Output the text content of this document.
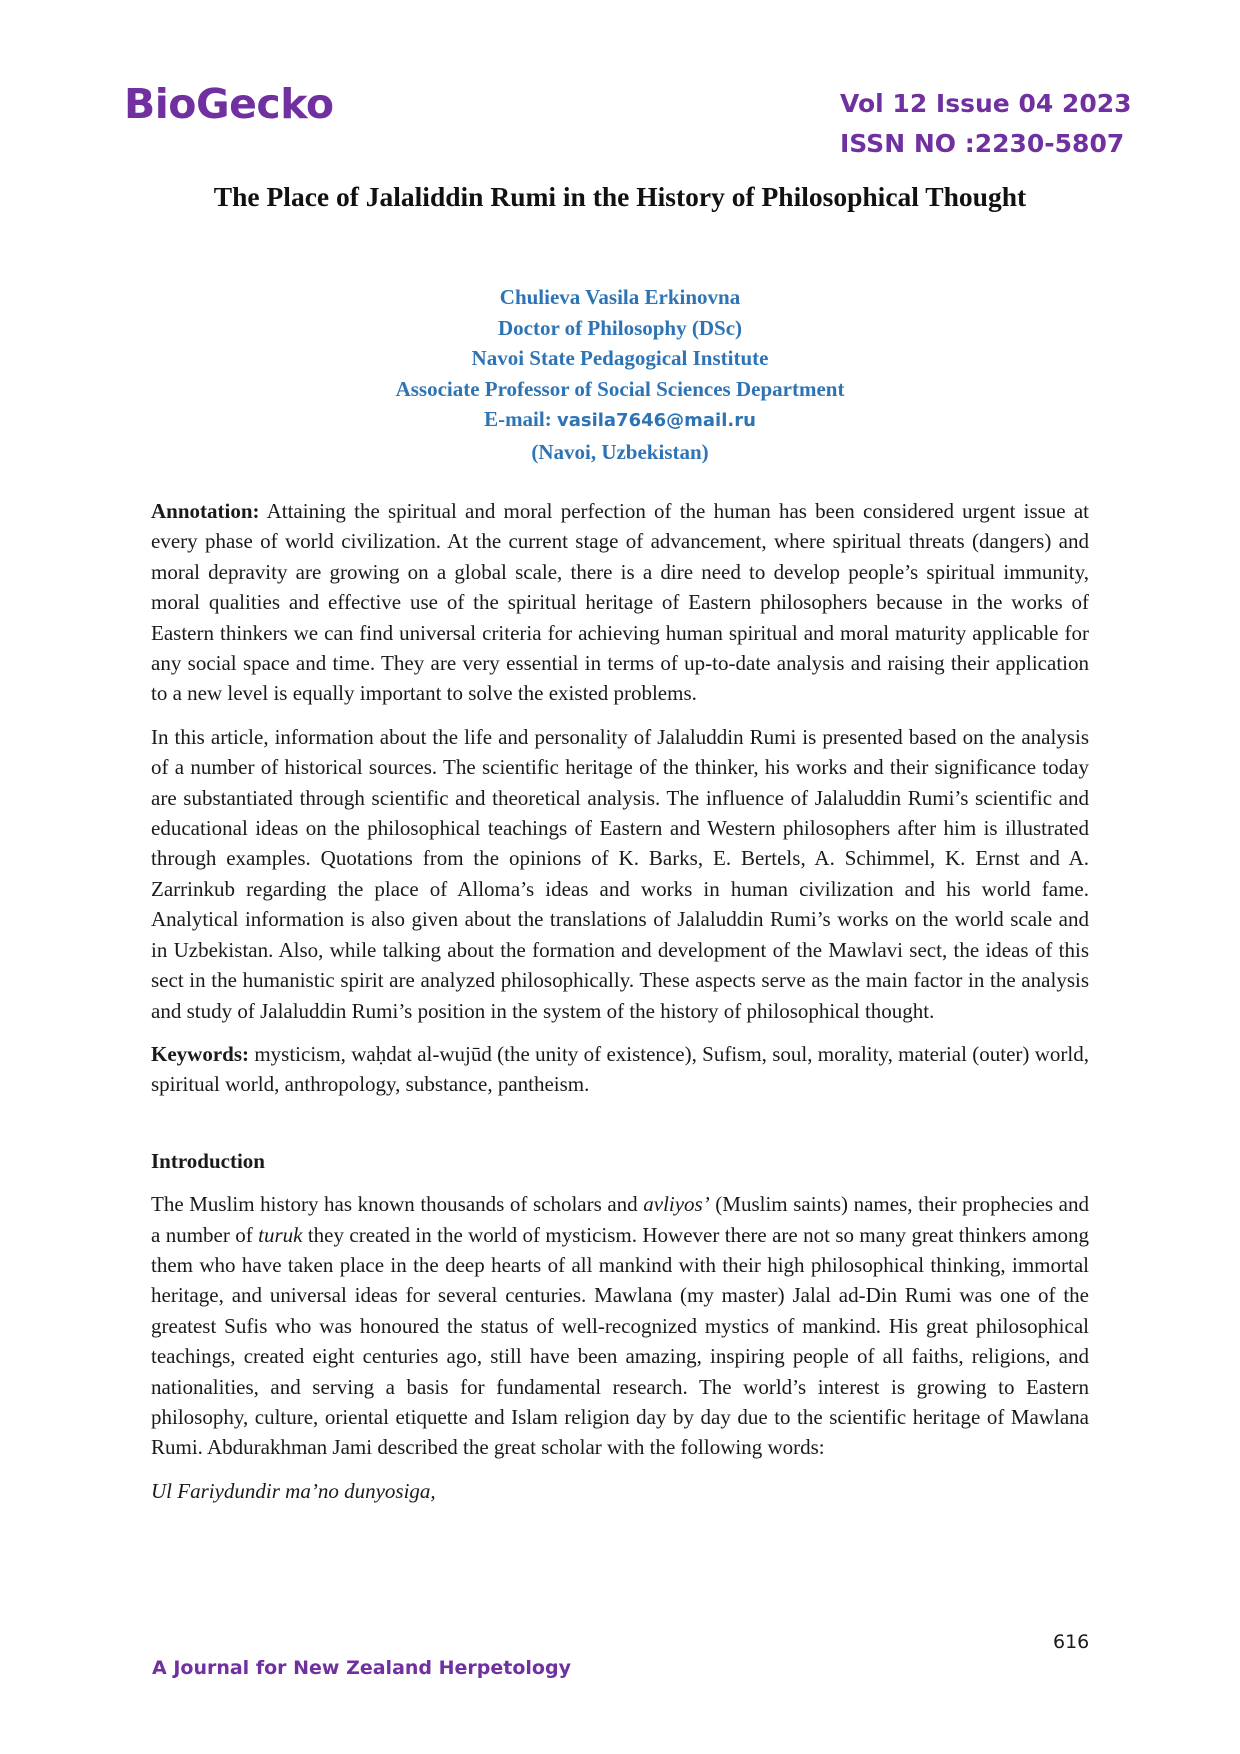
BioGecko	Vol 12 Issue 04 2023
ISSN NO :2230-5807
The Place of Jalaliddin Rumi in the History of Philosophical Thought
Chulieva Vasila Erkinovna
Doctor of Philosophy (DSc)
Navoi State Pedagogical Institute
Associate Professor of Social Sciences Department
E-mail: vasila7646@mail.ru
(Navoi, Uzbekistan)

Annotation: Attaining the spiritual and moral perfection of the human has been considered urgent issue at every phase of world civilization. At the current stage of advancement, where spiritual threats (dangers) and moral depravity are growing on a global scale, there is a dire need to develop people’s spiritual immunity, moral qualities and effective use of the spiritual heritage of Eastern philosophers because in the works of Eastern thinkers we can find universal criteria for achieving human spiritual and moral maturity applicable for any social space and time. They are very essential in terms of up-to-date analysis and raising their application to a new level is equally important to solve the existed problems.

In this article, information about the life and personality of Jalaluddin Rumi is presented based on the analysis of a number of historical sources. The scientific heritage of the thinker, his works and their significance today are substantiated through scientific and theoretical analysis. The influence of Jalaluddin Rumi’s scientific and educational ideas on the philosophical teachings of Eastern and Western philosophers after him is illustrated through examples. Quotations from the opinions of K. Barks, E. Bertels, A. Schimmel, K. Ernst and A. Zarrinkub regarding the place of Alloma’s ideas and works in human civilization and his world fame. Analytical information is also given about the translations of Jalaluddin Rumi’s works on the world scale and in Uzbekistan. Also, while talking about the formation and development of the Mawlavi sect, the ideas of this sect in the humanistic spirit are analyzed philosophically. These aspects serve as the main factor in the analysis and study of Jalaluddin Rumi’s position in the system of the history of philosophical thought.

Keywords: mysticism, waḥdat al-wujūd (the unity of existence), Sufism, soul, morality, material (outer) world, spiritual world, anthropology, substance, pantheism.

Introduction

The Muslim history has known thousands of scholars and avliyos’ (Muslim saints) names, their prophecies and a number of turuk they created in the world of mysticism. However there are not so many great thinkers among them who have taken place in the deep hearts of all mankind with their high philosophical thinking, immortal heritage, and universal ideas for several centuries. Mawlana (my master) Jalal ad-Din Rumi was one of the greatest Sufis who was honoured the status of well-recognized mystics of mankind. His great philosophical teachings, created eight centuries ago, still have been amazing, inspiring people of all faiths, religions, and nationalities, and serving a basis for fundamental research. The world’s interest is growing to Eastern philosophy, culture, oriental etiquette and Islam religion day by day due to the scientific heritage of Mawlana Rumi. Abdurakhman Jami described the great scholar with the following words:

Ul Fariydundir ma’no dunyosiga,

616
A Journal for New Zealand Herpetology
